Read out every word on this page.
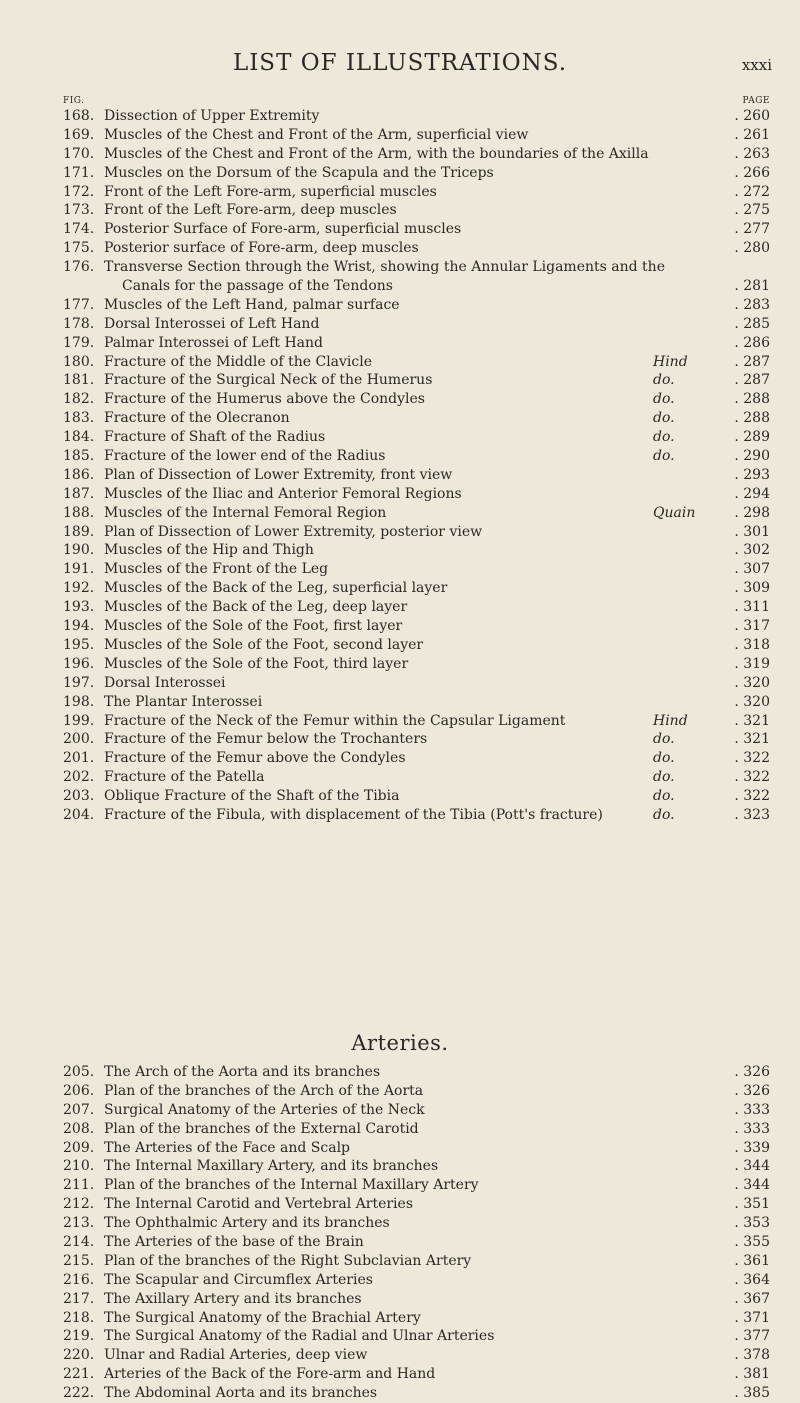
LIST OF ILLUSTRATIONS.	xxxi
FIG.	PAGE
168. Dissection of Upper Extremity	. 260
169. Muscles of the Chest and Front of the Arm, superficial view	. 261
170. Muscles of the Chest and Front of the Arm, with the boundaries of the Axilla	. 263
171. Muscles on the Dorsum of the Scapula and the Triceps	. 266
172. Front of the Left Fore-arm, superficial muscles	. 272
173. Front of the Left Fore-arm, deep muscles	. 275
174. Posterior Surface of Fore-arm, superficial muscles	. 277
175. Posterior surface of Fore-arm, deep muscles	. 280
176. Transverse Section through the Wrist, showing the Annular Ligaments and the
Canals for the passage of the Tendons	. 281
177. Muscles of the Left Hand, palmar surface	. 283
178. Dorsal Interossei of Left Hand	. 285
179. Palmar Interossei of Left Hand	. 286
180. Fracture of the Middle of the Clavicle	Hind	. 287
181. Fracture of the Surgical Neck of the Humerus	do.	. 287
182. Fracture of the Humerus above the Condyles	do.	. 288
183. Fracture of the Olecranon	do.	. 288
184. Fracture of Shaft of the Radius	do.	. 289
185. Fracture of the lower end of the Radius	do.	. 290
186. Plan of Dissection of Lower Extremity, front view	. 293
187. Muscles of the Iliac and Anterior Femoral Regions	. 294
188. Muscles of the Internal Femoral Region	Quain	. 298
189. Plan of Dissection of Lower Extremity, posterior view	. 301
190. Muscles of the Hip and Thigh	. 302
191. Muscles of the Front of the Leg	. 307
192. Muscles of the Back of the Leg, superficial layer	. 309
193. Muscles of the Back of the Leg, deep layer	. 311
194. Muscles of the Sole of the Foot, first layer	. 317
195. Muscles of the Sole of the Foot, second layer	. 318
196. Muscles of the Sole of the Foot, third layer	. 319
197. Dorsal Interossei	. 320
198. The Plantar Interossei	. 320
199. Fracture of the Neck of the Femur within the Capsular Ligament	Hind	. 321
200. Fracture of the Femur below the Trochanters	do.	. 321
201. Fracture of the Femur above the Condyles	do.	. 322
202. Fracture of the Patella	do.	. 322
203. Oblique Fracture of the Shaft of the Tibia	do.	. 322
204. Fracture of the Fibula, with displacement of the Tibia (Pott's fracture)	do.	. 323
Arteries.
205. The Arch of the Aorta and its branches	. 326
206. Plan of the branches of the Arch of the Aorta	. 326
207. Surgical Anatomy of the Arteries of the Neck	. 333
208. Plan of the branches of the External Carotid	. 333
209. The Arteries of the Face and Scalp	. 339
210. The Internal Maxillary Artery, and its branches	. 344
211. Plan of the branches of the Internal Maxillary Artery	. 344
212. The Internal Carotid and Vertebral Arteries	. 351
213. The Ophthalmic Artery and its branches	. 353
214. The Arteries of the base of the Brain	. 355
215. Plan of the branches of the Right Subclavian Artery	. 361
216. The Scapular and Circumflex Arteries	. 364
217. The Axillary Artery and its branches	. 367
218. The Surgical Anatomy of the Brachial Artery	. 371
219. The Surgical Anatomy of the Radial and Ulnar Arteries	. 377
220. Ulnar and Radial Arteries, deep view	. 378
221. Arteries of the Back of the Fore-arm and Hand	. 381
222. The Abdominal Aorta and its branches	. 385
